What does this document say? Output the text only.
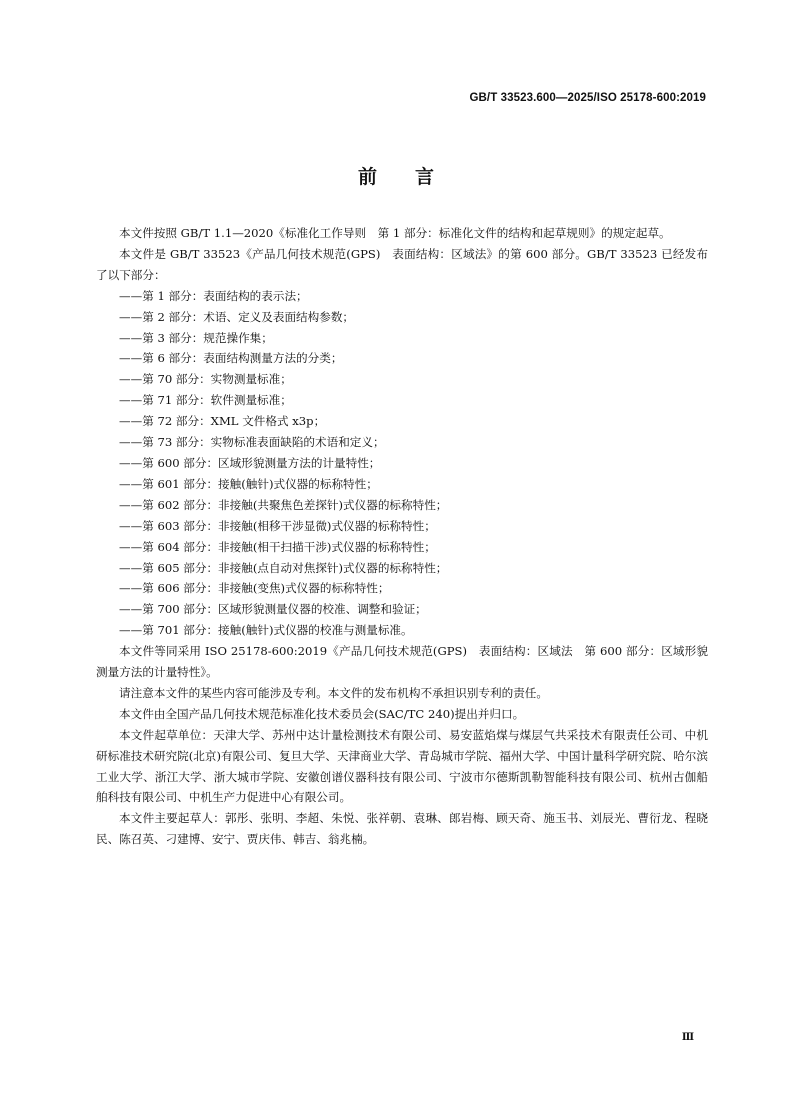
GB/T 33523.600—2025/ISO 25178-600:2019
前言

本文件按照 GB/T 1.1—2020《标准化工作导则　第 1 部分：标准化文件的结构和起草规则》的规定起草。

本文件是 GB/T 33523《产品几何技术规范(GPS)　表面结构：区域法》的第 600 部分。GB/T 33523 已经发布了以下部分：

——第 1 部分：表面结构的表示法；

——第 2 部分：术语、定义及表面结构参数；

——第 3 部分：规范操作集；

——第 6 部分：表面结构测量方法的分类；

——第 70 部分：实物测量标准；

——第 71 部分：软件测量标准；

——第 72 部分：XML 文件格式 x3p；

——第 73 部分：实物标准表面缺陷的术语和定义；

——第 600 部分：区域形貌测量方法的计量特性；

——第 601 部分：接触(触针)式仪器的标称特性；

——第 602 部分：非接触(共聚焦色差探针)式仪器的标称特性；

——第 603 部分：非接触(相移干涉显微)式仪器的标称特性；

——第 604 部分：非接触(相干扫描干涉)式仪器的标称特性；

——第 605 部分：非接触(点自动对焦探针)式仪器的标称特性；

——第 606 部分：非接触(变焦)式仪器的标称特性；

——第 700 部分：区域形貌测量仪器的校准、调整和验证；

——第 701 部分：接触(触针)式仪器的校准与测量标准。

本文件等同采用 ISO 25178-600:2019《产品几何技术规范(GPS)　表面结构：区域法　第 600 部分：区域形貌测量方法的计量特性》。

请注意本文件的某些内容可能涉及专利。本文件的发布机构不承担识别专利的责任。

本文件由全国产品几何技术规范标准化技术委员会(SAC/TC 240)提出并归口。

本文件起草单位：天津大学、苏州中达计量检测技术有限公司、易安蓝焰煤与煤层气共采技术有限责任公司、中机研标准技术研究院(北京)有限公司、复旦大学、天津商业大学、青岛城市学院、福州大学、中国计量科学研究院、哈尔滨工业大学、浙江大学、浙大城市学院、安徽创谱仪器科技有限公司、宁波市尔德斯凯勒智能科技有限公司、杭州古伽船舶科技有限公司、中机生产力促进中心有限公司。

本文件主要起草人：郭彤、张明、李超、朱悦、张祥朝、袁琳、郎岩梅、顾天奇、施玉书、刘辰光、曹衍龙、程晓民、陈召英、刁建博、安宁、贾庆伟、韩吉、翁兆楠。

Ⅲ
